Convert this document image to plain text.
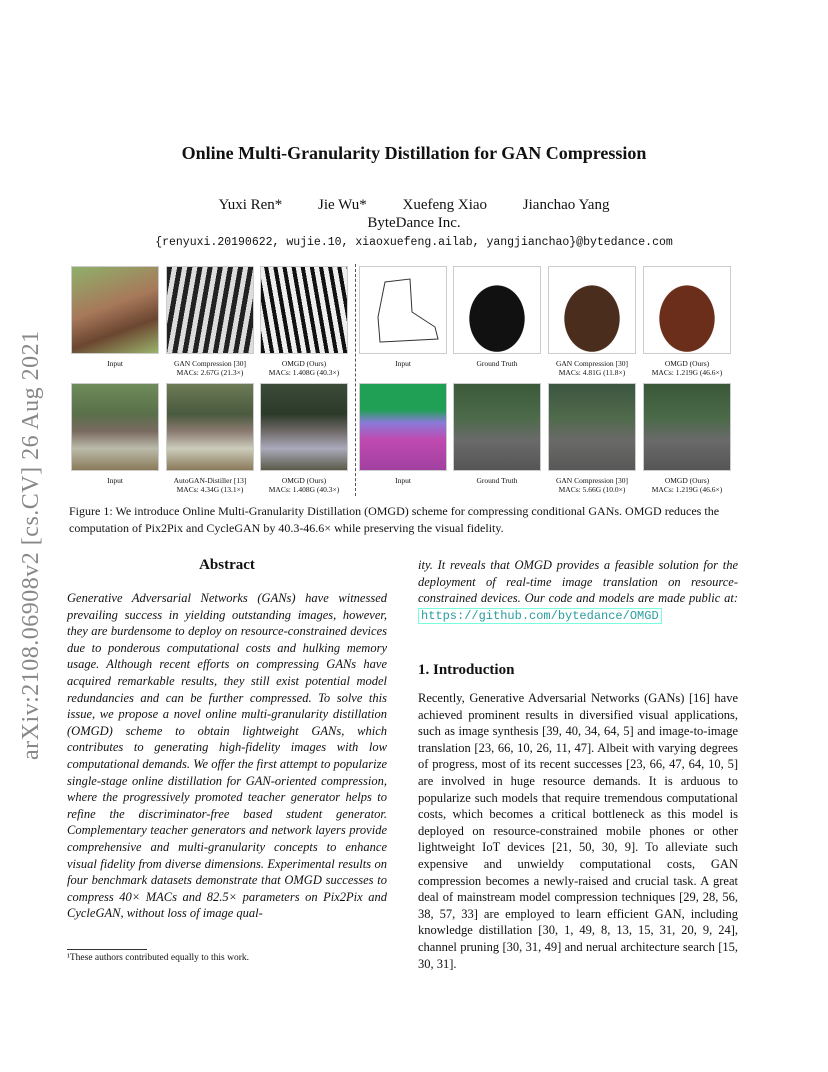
arXiv:2108.06908v2 [cs.CV] 26 Aug 2021
Online Multi-Granularity Distillation for GAN Compression
Yuxi Ren* Jie Wu* Xuefeng Xiao Jianchao Yang
ByteDance Inc.
{renyuxi.20190622, wujie.10, xiaoxuefeng.ailab, yangjianchao}@bytedance.com
Input	GAN Compression [30]
MACs: 2.67G (21.3×)
OMGD (Ours)
MACs: 1.408G (40.3×)
Input	Ground Truth	GAN Compression [30]
MACs: 4.81G (11.8×)
OMGD (Ours)
MACs: 1.219G (46.6×)
Input	AutoGAN-Distiller [13]
MACs: 4.34G (13.1×)
OMGD (Ours)
MACs: 1.408G (40.3×)
Input	Ground Truth	GAN Compression [30]
MACs: 5.66G (10.0×)
OMGD (Ours)
MACs: 1.219G (46.6×)
Figure 1: We introduce Online Multi-Granularity Distillation (OMGD) scheme for compressing conditional GANs. OMGD reduces the computation of Pix2Pix and CycleGAN by 40.3-46.6× while preserving the visual fidelity.
Abstract
Generative Adversarial Networks (GANs) have witnessed prevailing success in yielding outstanding images, however, they are burdensome to deploy on resource-constrained devices due to ponderous computational costs and hulking memory usage. Although recent efforts on compressing GANs have acquired remarkable results, they still exist potential model redundancies and can be further compressed. To solve this issue, we propose a novel online multi-granularity distillation (OMGD) scheme to obtain lightweight GANs, which contributes to generating high-fidelity images with low computational demands. We offer the first attempt to popularize single-stage online distillation for GAN-oriented compression, where the progressively promoted teacher generator helps to refine the discriminator-free based student generator. Complementary teacher generators and network layers provide comprehensive and multi-granularity concepts to enhance visual fidelity from diverse dimensions. Experimental results on four benchmark datasets demonstrate that OMGD successes to compress 40× MACs and 82.5× parameters on Pix2Pix and CycleGAN, without loss of image qual-
ity. It reveals that OMGD provides a feasible solution for the deployment of real-time image translation on resource-constrained devices. Our code and models are made public at: https://github.com/bytedance/OMGD
1. Introduction
Recently, Generative Adversarial Networks (GANs) [16] have achieved prominent results in diversified visual applications, such as image synthesis [39, 40, 34, 64, 5] and image-to-image translation [23, 66, 10, 26, 11, 47]. Albeit with varying degrees of progress, most of its recent successes [23, 66, 47, 64, 10, 5] are involved in huge resource demands. It is arduous to popularize such models that require tremendous computational costs, which becomes a critical bottleneck as this model is deployed on resource-constrained mobile phones or other lightweight IoT devices [21, 50, 30, 9]. To alleviate such expensive and unwieldy computational costs, GAN compression becomes a newly-raised and crucial task. A great deal of mainstream model compression techniques [29, 28, 56, 38, 57, 33] are employed to learn efficient GAN, including knowledge distillation [30, 1, 49, 8, 13, 15, 31, 20, 9, 24], channel pruning [30, 31, 49] and nerual architecture search [15, 30, 31].
¹These authors contributed equally to this work.
